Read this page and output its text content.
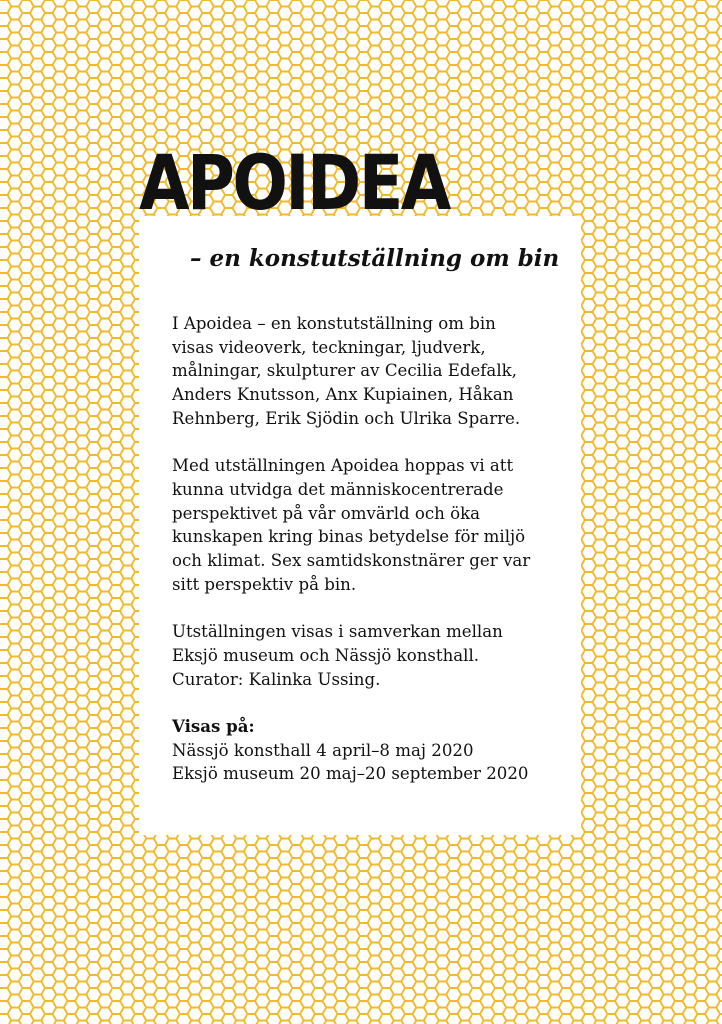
APOIDEA
– en konstutställning om bin

I Apoidea – en konstutställning om bin
visas videoverk, teckningar, ljudverk,
målningar, skulpturer av Cecilia Edefalk,
Anders Knutsson, Anx Kupiainen, Håkan
Rehnberg, Erik Sjödin och Ulrika Sparre.

Med utställningen Apoidea hoppas vi att
kunna utvidga det människocentrerade
perspektivet på vår omvärld och öka
kunskapen kring binas betydelse för miljö
och klimat. Sex samtidskonstnärer ger var
sitt perspektiv på bin.

Utställningen visas i samverkan mellan
Eksjö museum och Nässjö konsthall.
Curator: Kalinka Ussing.

Visas på:
Nässjö konsthall 4 april–8 maj 2020
Eksjö museum 20 maj–20 september 2020
